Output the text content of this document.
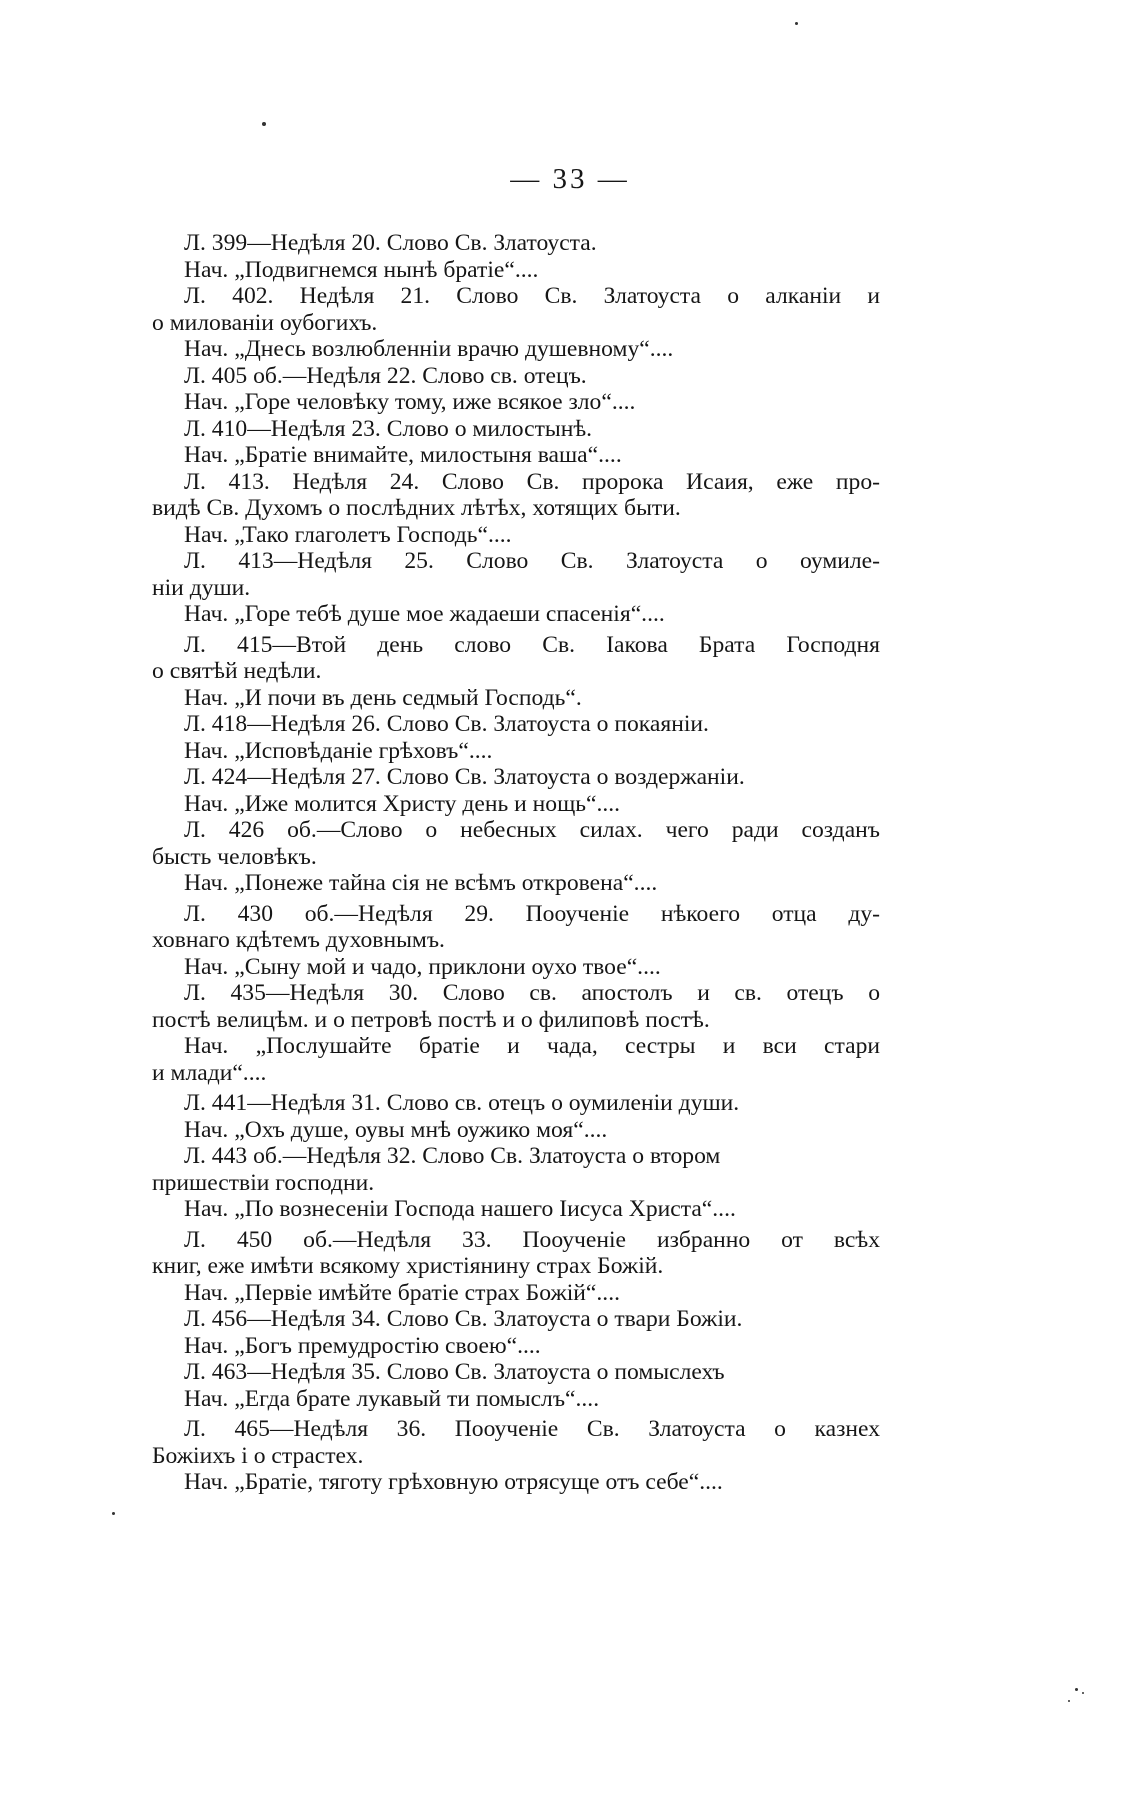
— 33 —
Л. 399—Недѣля 20. Слово Св. Златоуста.
Нач. „Подвигнемся нынѣ братіе“....
Л. 402. Недѣля 21. Слово Св. Златоуста о алканіи и
о милованіи оубогихъ.
Нач. „Днесь возлюбленніи врачю душевному“....
Л. 405 об.—Недѣля 22. Слово св. отецъ.
Нач. „Горе человѣку тому, иже всякое зло“....
Л. 410—Недѣля 23. Слово о милостынѣ.
Нач. „Братіе внимайте, милостыня ваша“....
Л. 413. Недѣля 24. Слово Св. пророка Исаия, еже про-
видѣ Св. Духомъ о послѣдних лѣтѣх, хотящих быти.
Нач. „Тако глаголетъ Господь“....
Л. 413—Недѣля 25. Слово Св. Златоуста о оумиле-
ніи души.
Нач. „Горе тебѣ душе мое жадаеши спасенія“....
Л. 415—Втой день слово Св. Іакова Брата Господня
о святѣй недѣли.
Нач. „И почи въ день седмый Господь“.
Л. 418—Недѣля 26. Слово Св. Златоуста о покаяніи.
Нач. „Исповѣданіе грѣховъ“....
Л. 424—Недѣля 27. Слово Св. Златоуста о воздержаніи.
Нач. „Иже молится Христу день и нощь“....
Л. 426 об.—Слово о небесных силах. чего ради созданъ
бысть человѣкъ.
Нач. „Понеже тайна сія не всѣмъ откровена“....
Л. 430 об.—Недѣля 29. Пооученіе нѣкоего отца ду-
ховнаго кдѣтемъ духовнымъ.
Нач. „Сыну мой и чадо, приклони оухо твое“....
Л. 435—Недѣля 30. Слово св. апостолъ и св. отецъ о
постѣ велицѣм. и о петровѣ постѣ и о филиповѣ постѣ.
Нач. „Послушайте братіе и чада, сестры и вси стари
и млади“....
Л. 441—Недѣля 31. Слово св. отецъ о оумиленіи души.
Нач. „Охъ душе, оувы мнѣ оужико моя“....
Л. 443 об.—Недѣля 32. Слово Св. Златоуста о втором
пришествіи господни.
Нач. „По вознесеніи Господа нашего Іисуса Христа“....
Л. 450 об.—Недѣля 33. Пооученіе избранно от всѣх
книг, еже имѣти всякому христіянину страх Божій.
Нач. „Первіе имѣйте братіе страх Божій“....
Л. 456—Недѣля 34. Слово Св. Златоуста о твари Божіи.
Нач. „Богъ премудростію своею“....
Л. 463—Недѣля 35. Слово Св. Златоуста о помыслехъ
Нач. „Егда брате лукавый ти помыслъ“....
Л. 465—Недѣля 36. Пооученіе Св. Златоуста о казнех
Божіихъ і о страстех.
Нач. „Братіе, тяготу грѣховную отрясуще отъ себе“....
